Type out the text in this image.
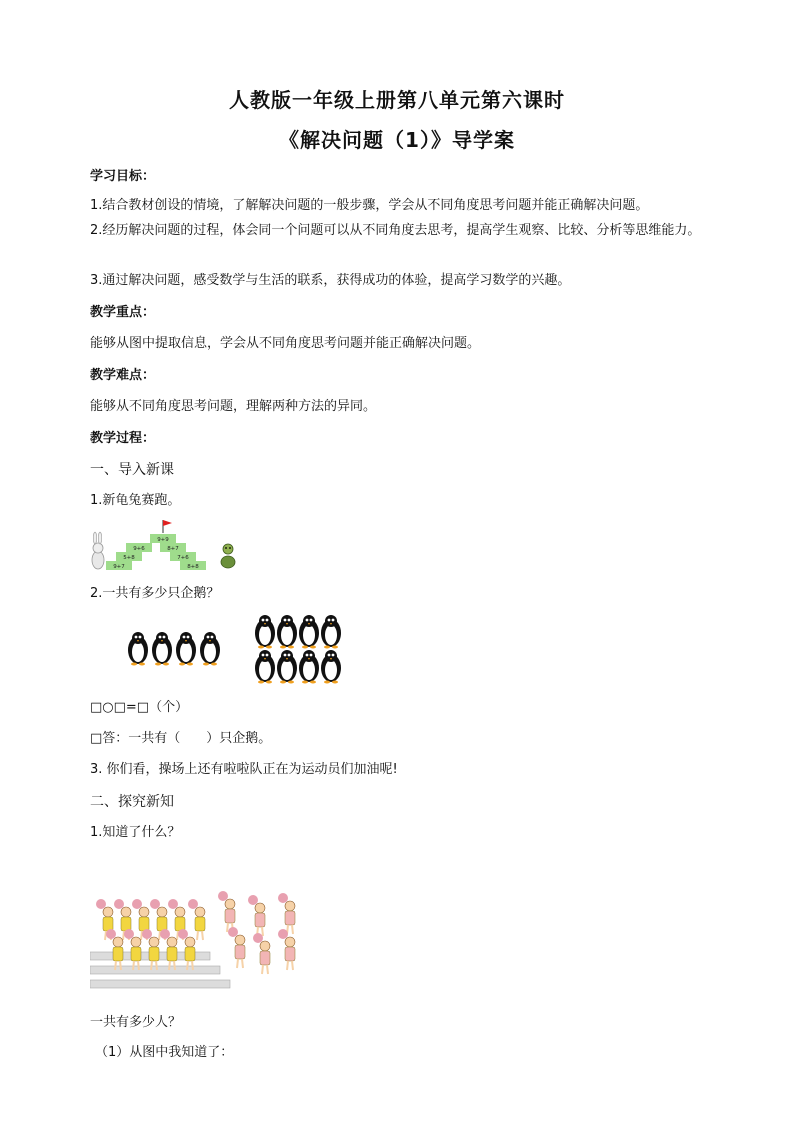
人教版一年级上册第八单元第六课时
《解决问题（1）》导学案
学习目标：
1.结合教材创设的情境，了解解决问题的一般步骤，学会从不同角度思考问题并能正确解决问题。
2.经历解决问题的过程，体会同一个问题可以从不同角度去思考，提高学生观察、比较、分析等思维能力。
3.通过解决问题，感受数学与生活的联系，获得成功的体验，提高学习数学的兴趣。
教学重点：
能够从图中提取信息，学会从不同角度思考问题并能正确解决问题。
教学难点：
能够从不同角度思考问题，理解两种方法的异同。
教学过程：
一、导入新课
1.新龟兔赛跑。
9+9
9+6	8+7
5+8	7+6
9+7	8+8
2.一共有多少只企鹅？
□○□=□（个）
□答：一共有（　　）只企鹅。
3. 你们看，操场上还有啦啦队正在为运动员们加油呢!
二、探究新知
1.知道了什么？
一共有多少人？
（1）从图中我知道了：
